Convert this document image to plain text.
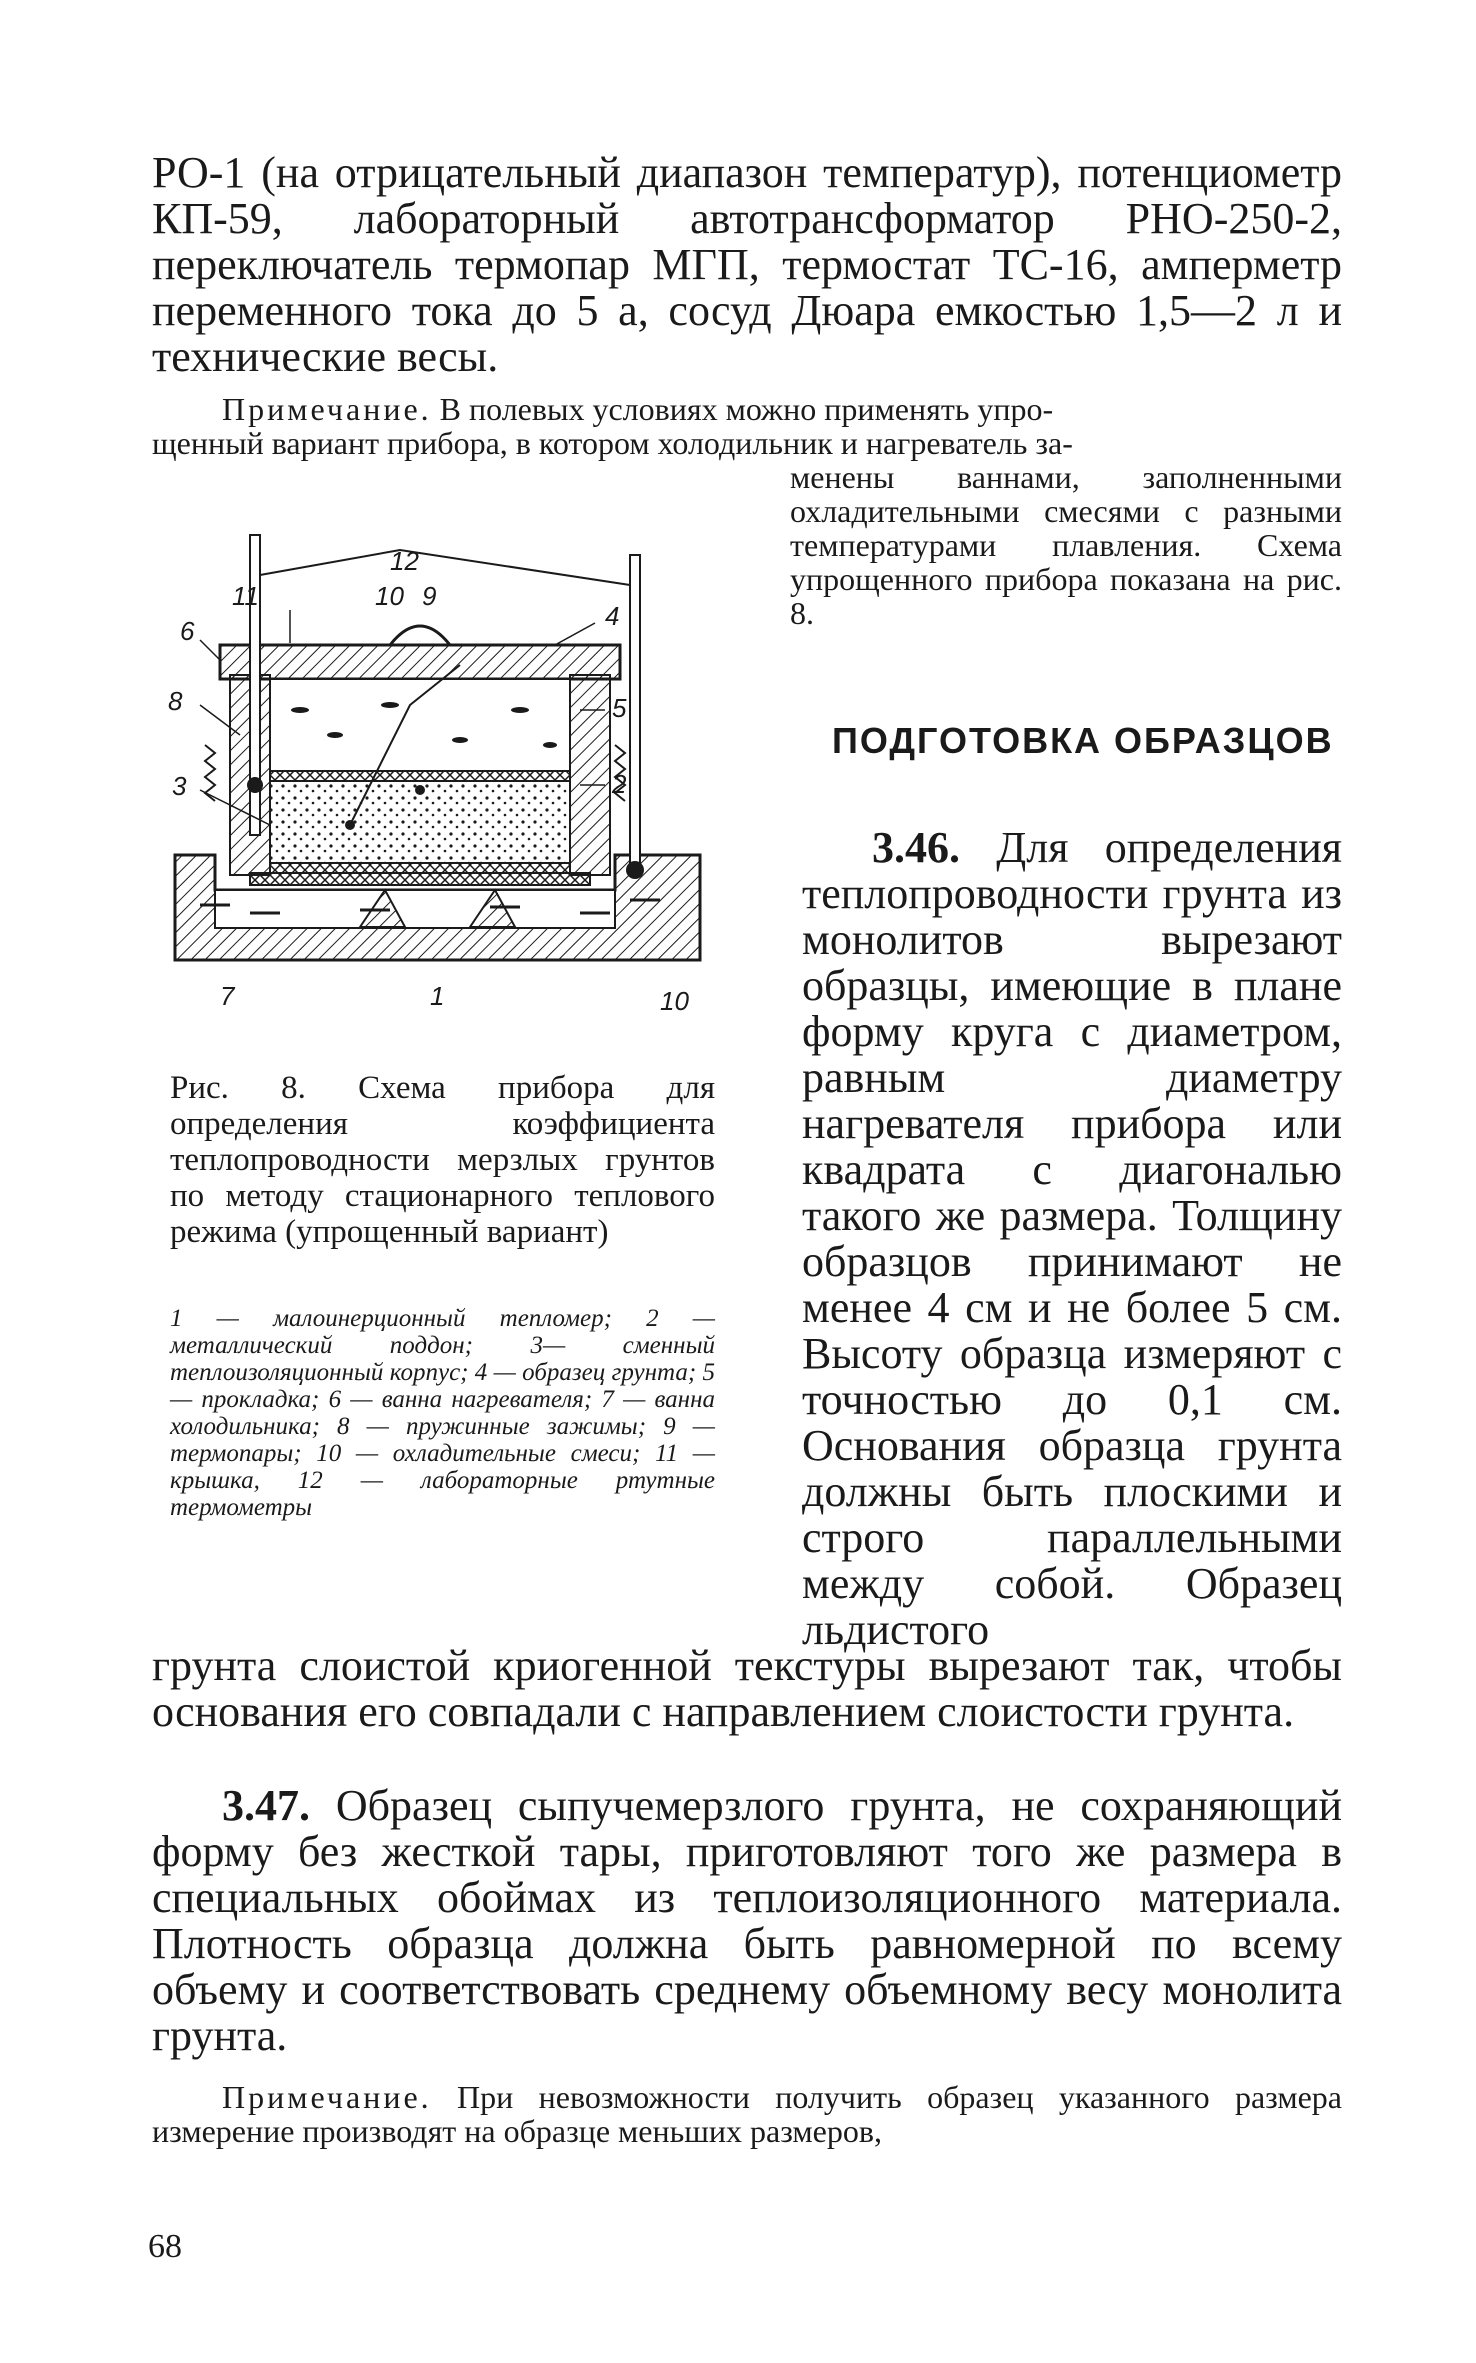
РО-1 (на отрицательный диапазон температур), потенциометр КП-59, лабораторный автотрансформатор РНО-250-2, переключатель термопар МГП, термостат ТС-16, амперметр переменного тока до 5 а, сосуд Дюара емкостью 1,5—2 л и технические весы.

Примечание. В полевых условиях можно применять упро-

щенный вариант прибора, в котором холодильник и нагреватель за-

менены ваннами, заполненными охладительными смесями с разными температурами плавления. Схема упрощенного прибора показана на рис. 8.

12
11	10 9
6
8
3
4
5
2
7	1	10

Рис. 8. Схема прибора для определения коэффициента теплопроводности мерзлых грунтов по методу стационарного теплового режима (упрощенный вариант)

1 — малоинерционный тепломер; 2 — металлический поддон; 3— сменный теплоизоляционный корпус; 4 — образец грунта; 5 — прокладка; 6 — ванна нагревателя; 7 — ванна холодильника; 8 — пружинные зажимы; 9 — термопары; 10 — охладительные смеси; 11 — крышка, 12 — лабораторные ртутные термометры

ПОДГОТОВКА ОБРАЗЦОВ

3.46. Для определения теплопроводности грунта из монолитов вырезают образцы, имеющие в плане форму круга с диаметром, равным диаметру нагревателя прибора или квадрата с диагональю такого же размера. Толщину образцов принимают не менее 4 см и не более 5 см. Высоту образца измеряют с точностью до 0,1 см. Основания образца грунта должны быть плоскими и строго параллельными между собой. Образец льдистого

грунта слоистой криогенной текстуры вырезают так, чтобы основания его совпадали с направлением слоистости грунта.

3.47. Образец сыпучемерзлого грунта, не сохраняющий форму без жесткой тары, приготовляют того же размера в специальных обоймах из теплоизоляционного материала. Плотность образца должна быть равномерной по всему объему и соответствовать среднему объемному весу монолита грунта.

Примечание. При невозможности получить образец указанного размера измерение производят на образце меньших размеров,

68
